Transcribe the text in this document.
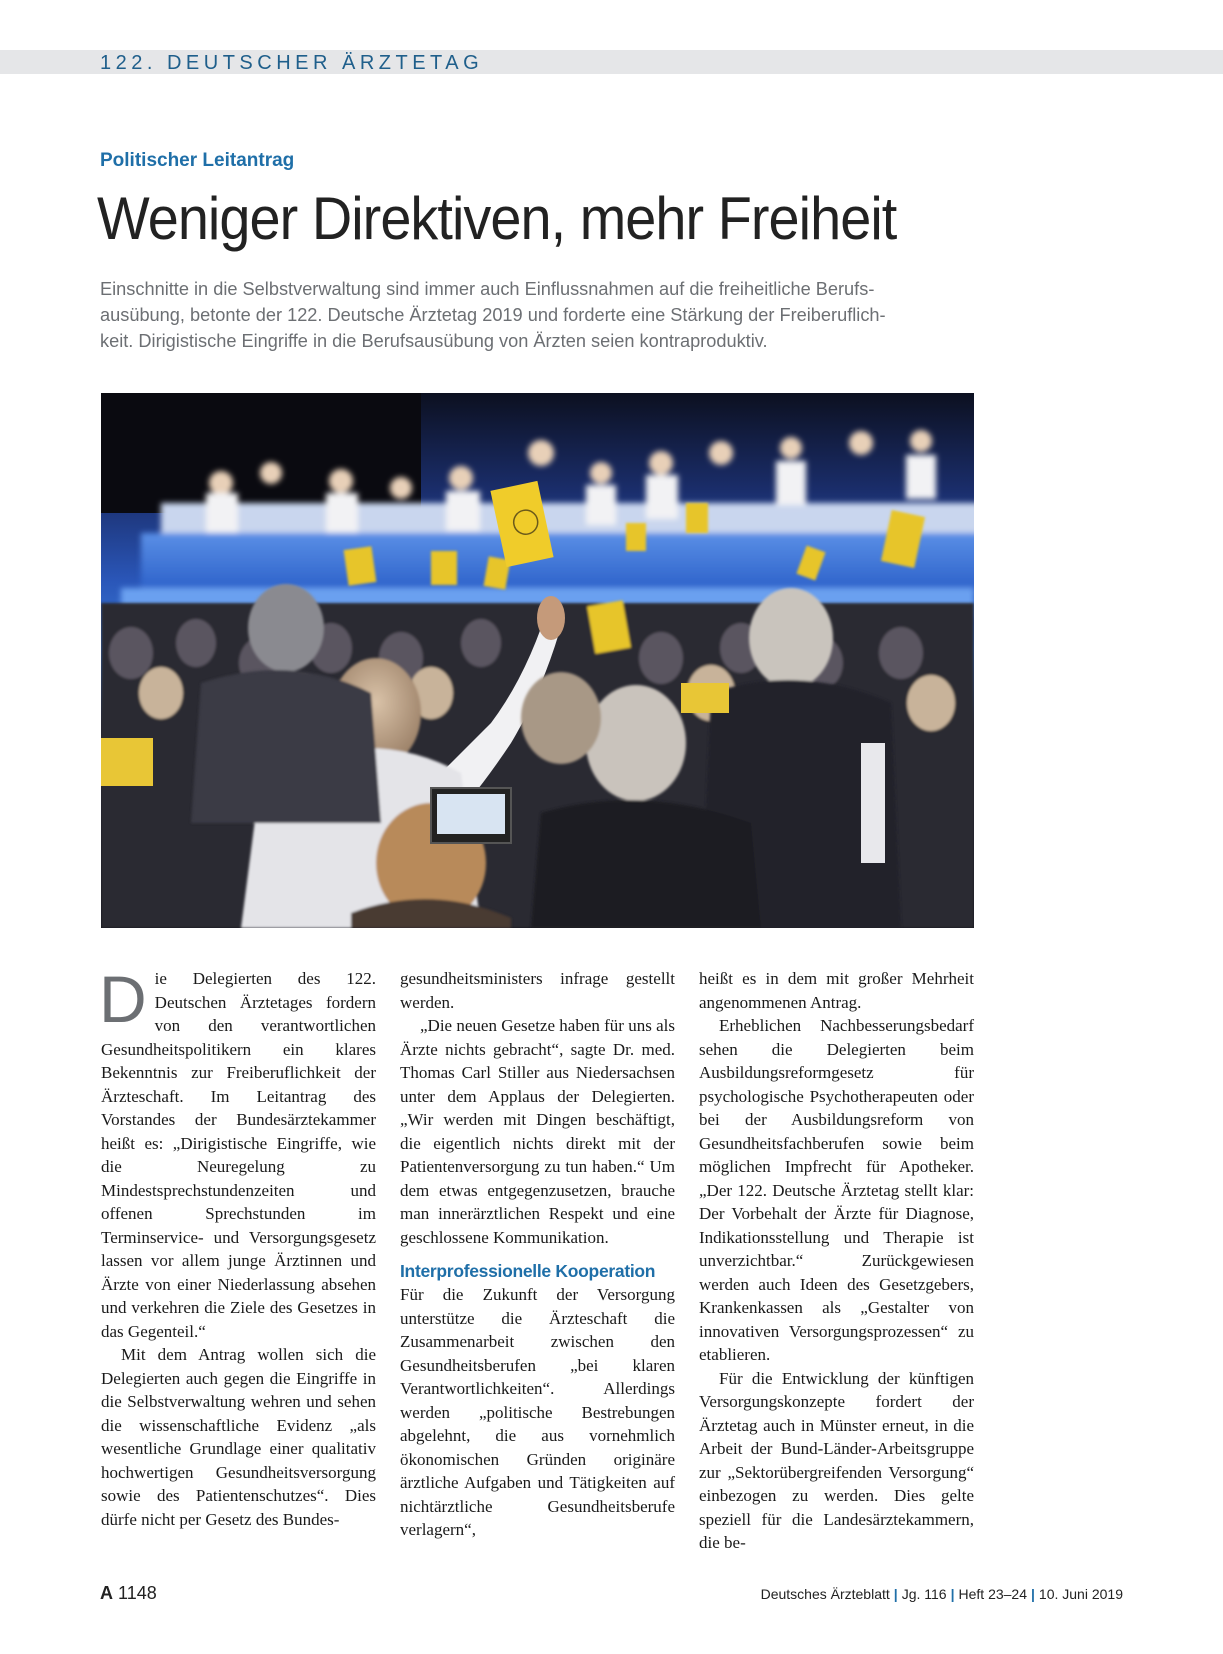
122. DEUTSCHER ÄRZTETAG
Politischer Leitantrag
Weniger Direktiven, mehr Freiheit

Einschnitte in die Selbstverwaltung sind immer auch Einflussnahmen auf die freiheitliche Berufs-
ausübung, betonte der 122. Deutsche Ärztetag 2019 und forderte eine Stärkung der Freiberuflich-
keit. Dirigistische Eingriffe in die Berufsausübung von Ärzten seien kontraproduktiv.

Die Delegierten des 122. Deutschen Ärztetages fordern von den verantwortlichen Gesundheitspolitikern ein klares Bekenntnis zur Freiberuflichkeit der Ärzteschaft. Im Leitantrag des Vorstandes der Bundesärztekammer heißt es: „Dirigistische Eingriffe, wie die Neuregelung zu Mindestsprechstundenzeiten und offenen Sprechstunden im Terminservice- und Versorgungsgesetz lassen vor allem junge Ärztinnen und Ärzte von einer Niederlassung absehen und verkehren die Ziele des Gesetzes in das Gegenteil.“

Mit dem Antrag wollen sich die Delegierten auch gegen die Eingriffe in die Selbstverwaltung wehren und sehen die wissenschaftliche Evidenz „als wesentliche Grundlage einer qualitativ hochwertigen Gesundheitsversorgung sowie des Patientenschutzes“. Dies dürfe nicht per Gesetz des Bundes-

gesundheitsministers infrage gestellt werden.

„Die neuen Gesetze haben für uns als Ärzte nichts gebracht“, sagte Dr. med. Thomas Carl Stiller aus Niedersachsen unter dem Applaus der Delegierten. „Wir werden mit Dingen beschäftigt, die eigentlich nichts direkt mit der Patientenversorgung zu tun haben.“ Um dem etwas entgegenzusetzen, brauche man innerärztlichen Respekt und eine geschlossene Kommunikation.

Interprofessionelle Kooperation

Für die Zukunft der Versorgung unterstütze die Ärzteschaft die Zusammenarbeit zwischen den Gesundheitsberufen „bei klaren Verantwortlichkeiten“. Allerdings werden „politische Bestrebungen abgelehnt, die aus vornehmlich ökonomischen Gründen originäre ärztliche Aufgaben und Tätigkeiten auf nichtärztliche Gesundheitsberufe verlagern“,

heißt es in dem mit großer Mehrheit angenommenen Antrag.

Erheblichen Nachbesserungsbedarf sehen die Delegierten beim Ausbildungsreformgesetz für psychologische Psychotherapeuten oder bei der Ausbildungsreform von Gesundheitsfachberufen sowie beim möglichen Impfrecht für Apotheker. „Der 122. Deutsche Ärztetag stellt klar: Der Vorbehalt der Ärzte für Diagnose, Indikationsstellung und Therapie ist unverzichtbar.“ Zurückgewiesen werden auch Ideen des Gesetzgebers, Krankenkassen als „Gestalter von innovativen Versorgungsprozessen“ zu etablieren.

Für die Entwicklung der künftigen Versorgungskonzepte fordert der Ärztetag auch in Münster erneut, in die Arbeit der Bund-Länder-Arbeitsgruppe zur „Sektorübergreifenden Versorgung“ einbezogen zu werden. Dies gelte speziell für die Landesärztekammern, die be-

A 1148	Deutsches Ärzteblatt | Jg. 116 | Heft 23–24 | 10. Juni 2019
